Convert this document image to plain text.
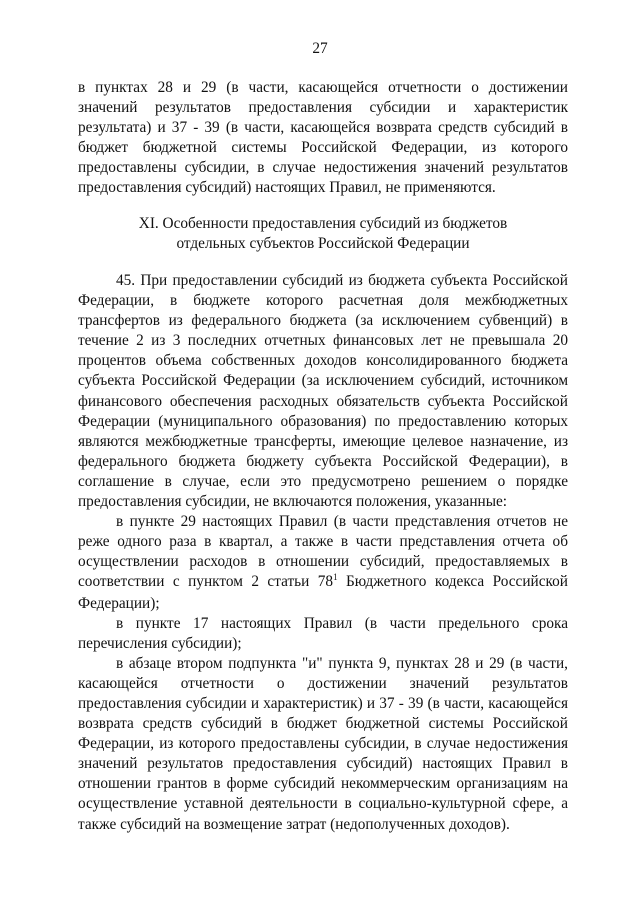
27

в пунктах 28 и 29 (в части, касающейся отчетности о достижении значений результатов предоставления субсидии и характеристик результата) и 37 - 39 (в части, касающейся возврата средств субсидий в бюджет бюджетной системы Российской Федерации, из которого предоставлены субсидии, в случае недостижения значений результатов предоставления субсидий) настоящих Правил, не применяются.

XI. Особенности предоставления субсидий из бюджетов
отдельных субъектов Российской Федерации

45. При предоставлении субсидий из бюджета субъекта Российской Федерации, в бюджете которого расчетная доля межбюджетных трансфертов из федерального бюджета (за исключением субвенций) в течение 2 из 3 последних отчетных финансовых лет не превышала 20 процентов объема собственных доходов консолидированного бюджета субъекта Российской Федерации (за исключением субсидий, источником финансового обеспечения расходных обязательств субъекта Российской Федерации (муниципального образования) по предоставлению которых являются межбюджетные трансферты, имеющие целевое назначение, из федерального бюджета бюджету субъекта Российской Федерации), в соглашение в случае, если это предусмотрено решением о порядке предоставления субсидии, не включаются положения, указанные:

в пункте 29 настоящих Правил (в части представления отчетов не реже одного раза в квартал, а также в части представления отчета об осуществлении расходов в отношении субсидий, предоставляемых в соответствии с пунктом 2 статьи $78^1$ Бюджетного кодекса Российской Федерации);

в пункте 17 настоящих Правил (в части предельного срока перечисления субсидии);

в абзаце втором подпункта "и" пункта 9, пунктах 28 и 29 (в части, касающейся отчетности о достижении значений результатов предоставления субсидии и характеристик) и 37 - 39 (в части, касающейся возврата средств субсидий в бюджет бюджетной системы Российской Федерации, из которого предоставлены субсидии, в случае недостижения значений результатов предоставления субсидий) настоящих Правил в отношении грантов в форме субсидий некоммерческим организациям на осуществление уставной деятельности в социально-культурной сфере, а также субсидий на возмещение затрат (недополученных доходов).
